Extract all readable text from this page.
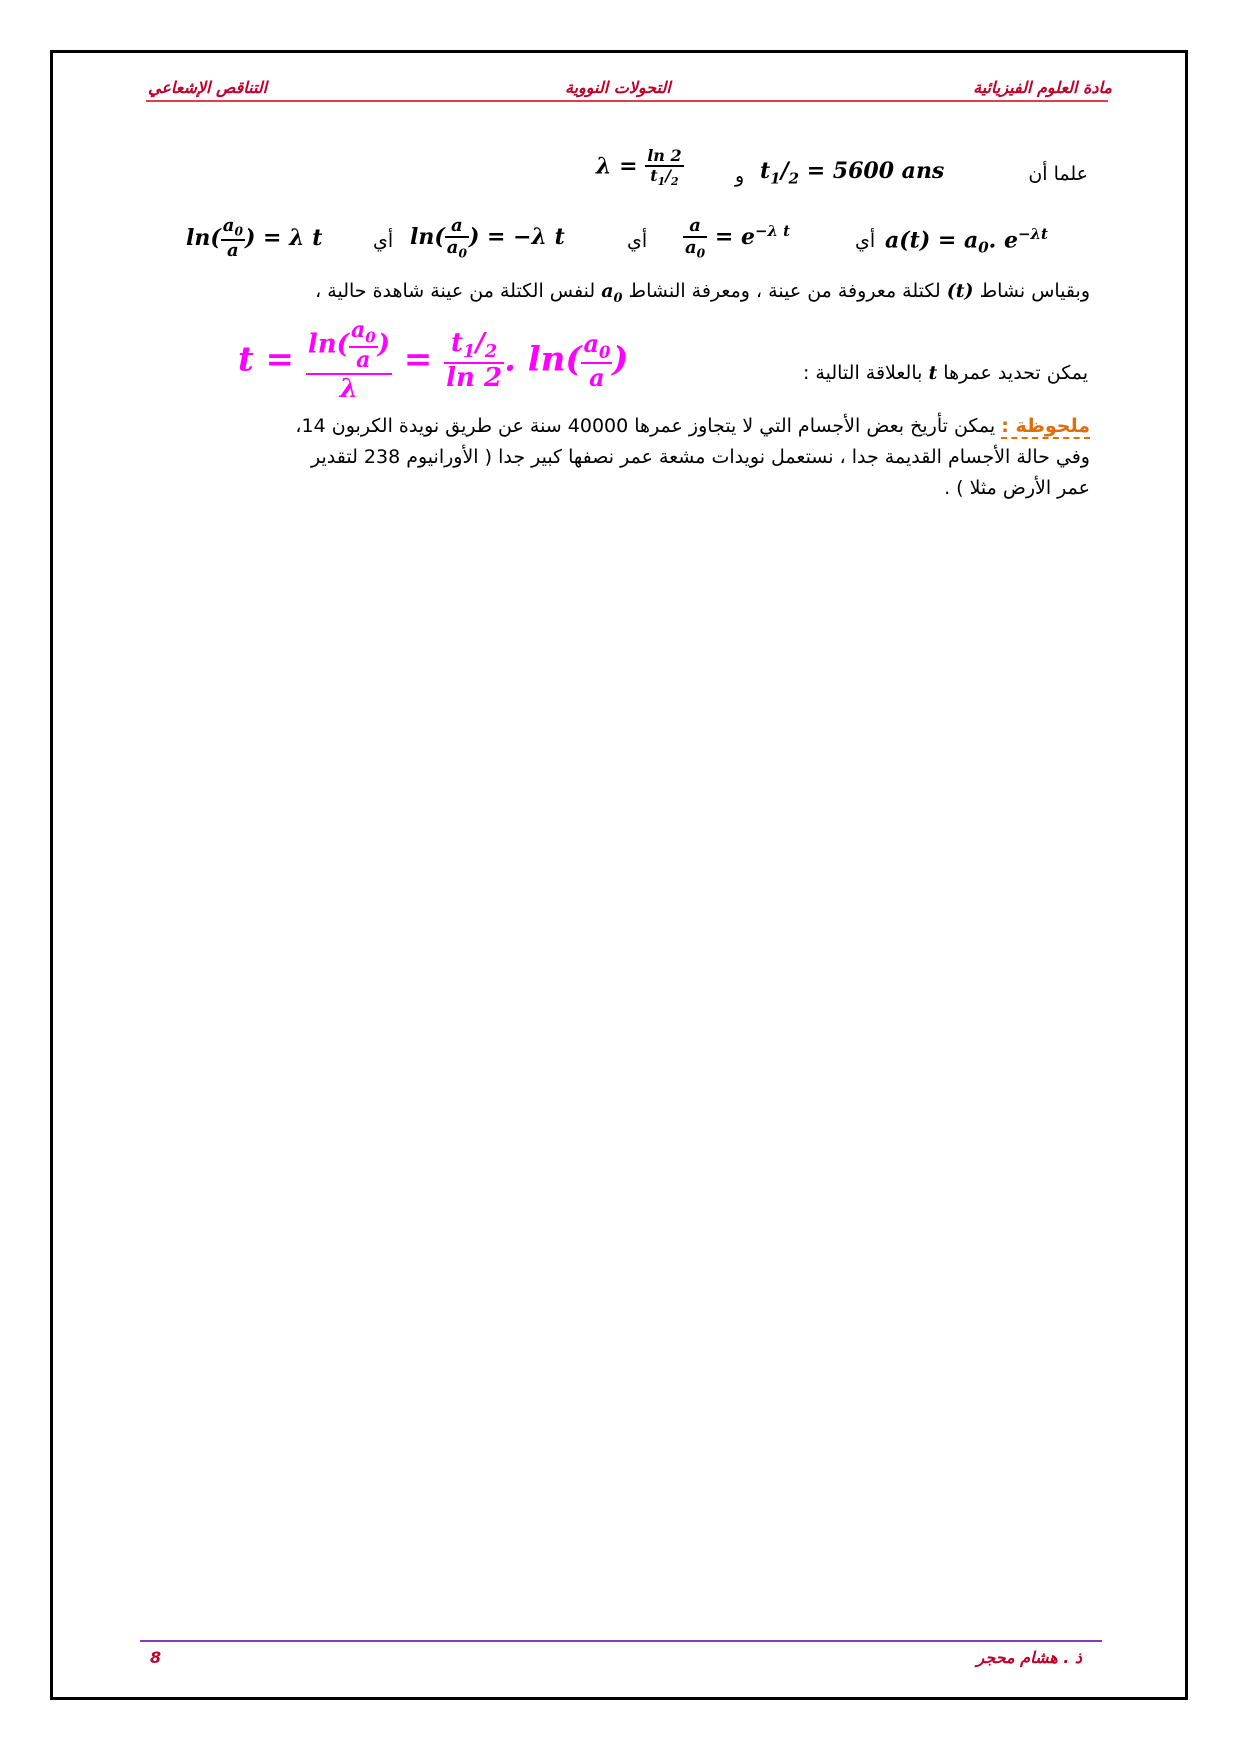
التناقص الإشعاعي	التحولات النووية	مادة العلوم الفيزيائية
علما أن
$t_1/_2 = 5600$ ans
و
$\lambda = \frac{\ln 2}{t_1/_2}$
$a(t) = a_0$. $e^{-\lambda t}$
أي
$\frac{a}{a_0} = e^{-\lambda t}$
أي
$\ln( \frac{a}{a_0}$ ) = −λ t
أي
$\ln( \frac{a_0}{a}$ ) = λ t
وبقياس نشاط (t) لكتلة معروفة من عينة ، ومعرفة النشاط $a_0$ لنفس الكتلة من عينة شاهدة حالية ،
يمكن تحديد عمرها t بالعلاقة التالية :
$t = \frac{\ln( \frac{a_0}{a} )}{\lambda} = \frac{t_1/_2}{\ln 2}$ . $\ln( \frac{a_0}{a}$ )
ملحوظة : يمكن تأريخ بعض الأجسام التي لا يتجاوز عمرها 40000 سنة عن طريق نويدة الكربون 14،
وفي حالة الأجسام القديمة جدا ، نستعمل نويدات مشعة عمر نصفها كبير جدا ( الأورانيوم 238 لتقدير
عمر الأرض مثلا ) .
8	ذ . هشام محجر
